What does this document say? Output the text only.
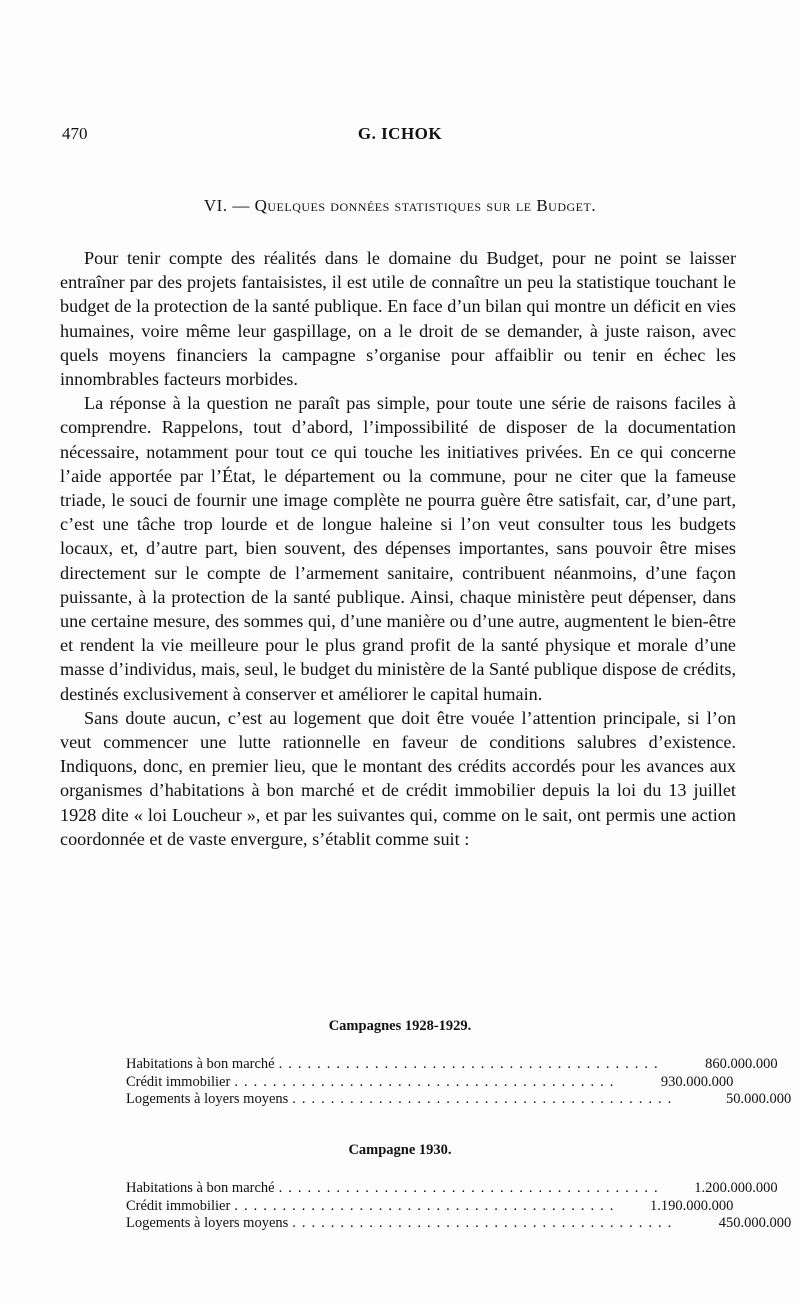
470	G. ICHOK
VI. — Quelques données statistiques sur le Budget.

Pour tenir compte des réalités dans le domaine du Budget, pour ne point se laisser entraîner par des projets fantaisistes, il est utile de connaître un peu la statistique touchant le budget de la protection de la santé publique. En face d’un bilan qui montre un déficit en vies humaines, voire même leur gaspillage, on a le droit de se demander, à juste raison, avec quels moyens financiers la campagne s’organise pour affaiblir ou tenir en échec les innombrables facteurs morbides.

La réponse à la question ne paraît pas simple, pour toute une série de raisons faciles à comprendre. Rappelons, tout d’abord, l’impossibilité de disposer de la documentation nécessaire, notamment pour tout ce qui touche les initiatives privées. En ce qui concerne l’aide apportée par l’État, le département ou la commune, pour ne citer que la fameuse triade, le souci de fournir une image complète ne pourra guère être satisfait, car, d’une part, c’est une tâche trop lourde et de longue haleine si l’on veut consulter tous les budgets locaux, et, d’autre part, bien souvent, des dépenses importantes, sans pouvoir être mises directement sur le compte de l’armement sanitaire, contribuent néanmoins, d’une façon puissante, à la protection de la santé publique. Ainsi, chaque ministère peut dépenser, dans une certaine mesure, des sommes qui, d’une manière ou d’une autre, augmentent le bien-être et rendent la vie meilleure pour le plus grand profit de la santé physique et morale d’une masse d’individus, mais, seul, le budget du ministère de la Santé publique dispose de crédits, destinés exclusivement à conserver et améliorer le capital humain.

Sans doute aucun, c’est au logement que doit être vouée l’attention principale, si l’on veut commencer une lutte rationnelle en faveur de conditions salubres d’existence. Indiquons, donc, en premier lieu, que le montant des crédits accordés pour les avances aux organismes d’habitations à bon marché et de crédit immobilier depuis la loi du 13 juillet 1928 dite « loi Loucheur », et par les suivantes qui, comme on le sait, ont permis une action coordonnée et de vaste envergure, s’établit comme suit :

Campagnes 1928-1929.
Habitations à bon marché ........................................	860.000.000
Crédit immobilier ........................................	930.000.000
Logements à loyers moyens ........................................	50.000.000
Campagne 1930.
Habitations à bon marché ........................................	1.200.000.000
Crédit immobilier ........................................	1.190.000.000
Logements à loyers moyens ........................................	450.000.000
